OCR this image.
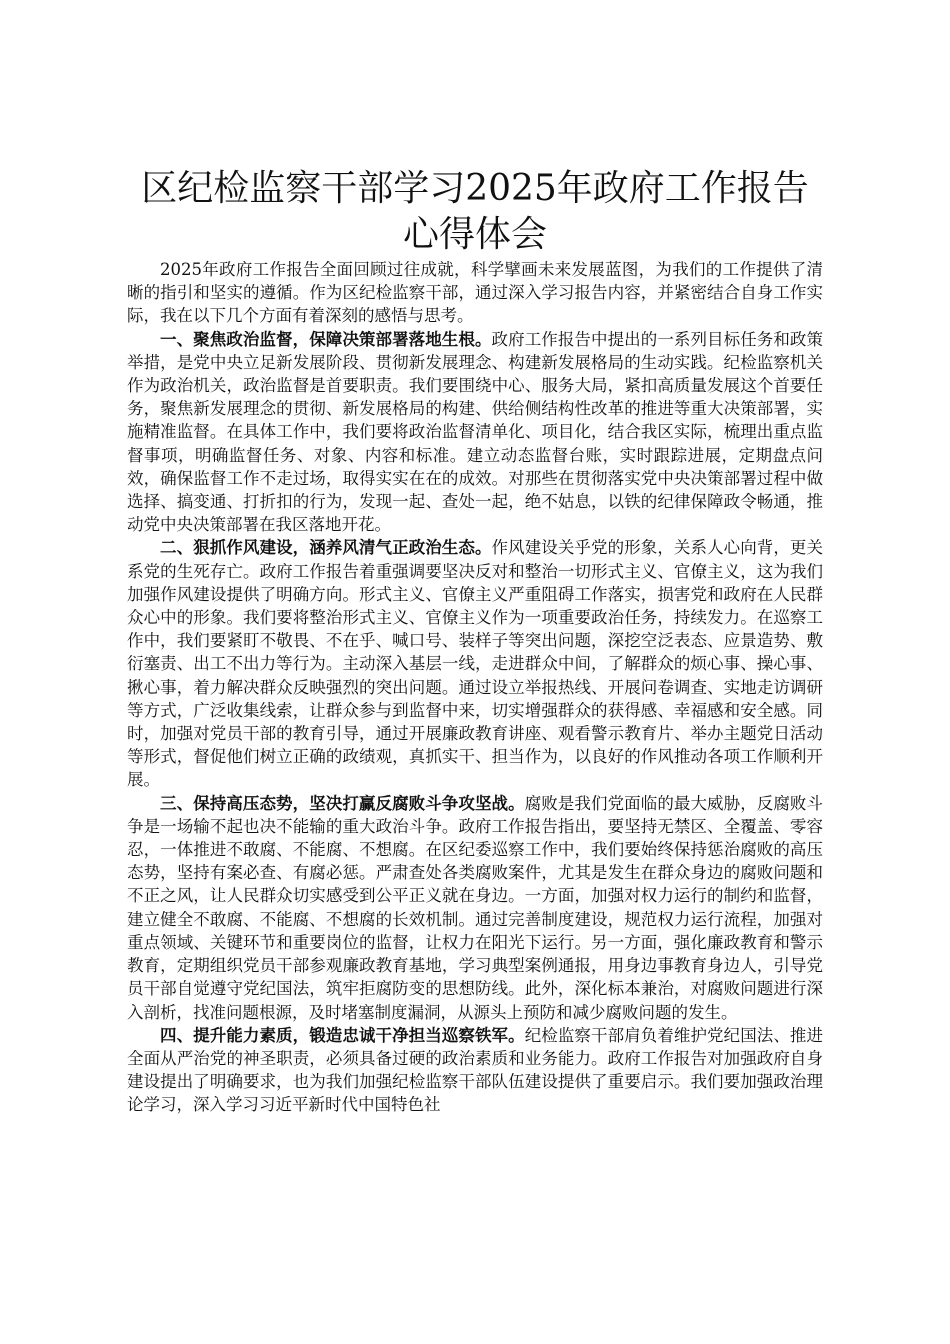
区纪检监察干部学习2025年政府工作报告心得体会

2025年政府工作报告全面回顾过往成就，科学擘画未来发展蓝图，为我们的工作提供了清晰的指引和坚实的遵循。作为区纪检监察干部，通过深入学习报告内容，并紧密结合自身工作实际，我在以下几个方面有着深刻的感悟与思考。

一、聚焦政治监督，保障决策部署落地生根。政府工作报告中提出的一系列目标任务和政策举措，是党中央立足新发展阶段、贯彻新发展理念、构建新发展格局的生动实践。纪检监察机关作为政治机关，政治监督是首要职责。我们要围绕中心、服务大局，紧扣高质量发展这个首要任务，聚焦新发展理念的贯彻、新发展格局的构建、供给侧结构性改革的推进等重大决策部署，实施精准监督。在具体工作中，我们要将政治监督清单化、项目化，结合我区实际，梳理出重点监督事项，明确监督任务、对象、内容和标准。建立动态监督台账，实时跟踪进展，定期盘点问效，确保监督工作不走过场，取得实实在在的成效。对那些在贯彻落实党中央决策部署过程中做选择、搞变通、打折扣的行为，发现一起、查处一起，绝不姑息，以铁的纪律保障政令畅通，推动党中央决策部署在我区落地开花。

二、狠抓作风建设，涵养风清气正政治生态。作风建设关乎党的形象，关系人心向背，更关系党的生死存亡。政府工作报告着重强调要坚决反对和整治一切形式主义、官僚主义，这为我们加强作风建设提供了明确方向。形式主义、官僚主义严重阻碍工作落实，损害党和政府在人民群众心中的形象。我们要将整治形式主义、官僚主义作为一项重要政治任务，持续发力。在巡察工作中，我们要紧盯不敬畏、不在乎、喊口号、装样子等突出问题，深挖空泛表态、应景造势、敷衍塞责、出工不出力等行为。主动深入基层一线，走进群众中间，了解群众的烦心事、操心事、揪心事，着力解决群众反映强烈的突出问题。通过设立举报热线、开展问卷调查、实地走访调研等方式，广泛收集线索，让群众参与到监督中来，切实增强群众的获得感、幸福感和安全感。同时，加强对党员干部的教育引导，通过开展廉政教育讲座、观看警示教育片、举办主题党日活动等形式，督促他们树立正确的政绩观，真抓实干、担当作为，以良好的作风推动各项工作顺利开展。

三、保持高压态势，坚决打赢反腐败斗争攻坚战。腐败是我们党面临的最大威胁，反腐败斗争是一场输不起也决不能输的重大政治斗争。政府工作报告指出，要坚持无禁区、全覆盖、零容忍，一体推进不敢腐、不能腐、不想腐。在区纪委巡察工作中，我们要始终保持惩治腐败的高压态势，坚持有案必查、有腐必惩。严肃查处各类腐败案件，尤其是发生在群众身边的腐败问题和不正之风，让人民群众切实感受到公平正义就在身边。一方面，加强对权力运行的制约和监督，建立健全不敢腐、不能腐、不想腐的长效机制。通过完善制度建设，规范权力运行流程，加强对重点领域、关键环节和重要岗位的监督，让权力在阳光下运行。另一方面，强化廉政教育和警示教育，定期组织党员干部参观廉政教育基地，学习典型案例通报，用身边事教育身边人，引导党员干部自觉遵守党纪国法，筑牢拒腐防变的思想防线。此外，深化标本兼治，对腐败问题进行深入剖析，找准问题根源，及时堵塞制度漏洞，从源头上预防和减少腐败问题的发生。

四、提升能力素质，锻造忠诚干净担当巡察铁军。纪检监察干部肩负着维护党纪国法、推进全面从严治党的神圣职责，必须具备过硬的政治素质和业务能力。政府工作报告对加强政府自身建设提出了明确要求，也为我们加强纪检监察干部队伍建设提供了重要启示。我们要加强政治理论学习，深入学习习近平新时代中国特色社
